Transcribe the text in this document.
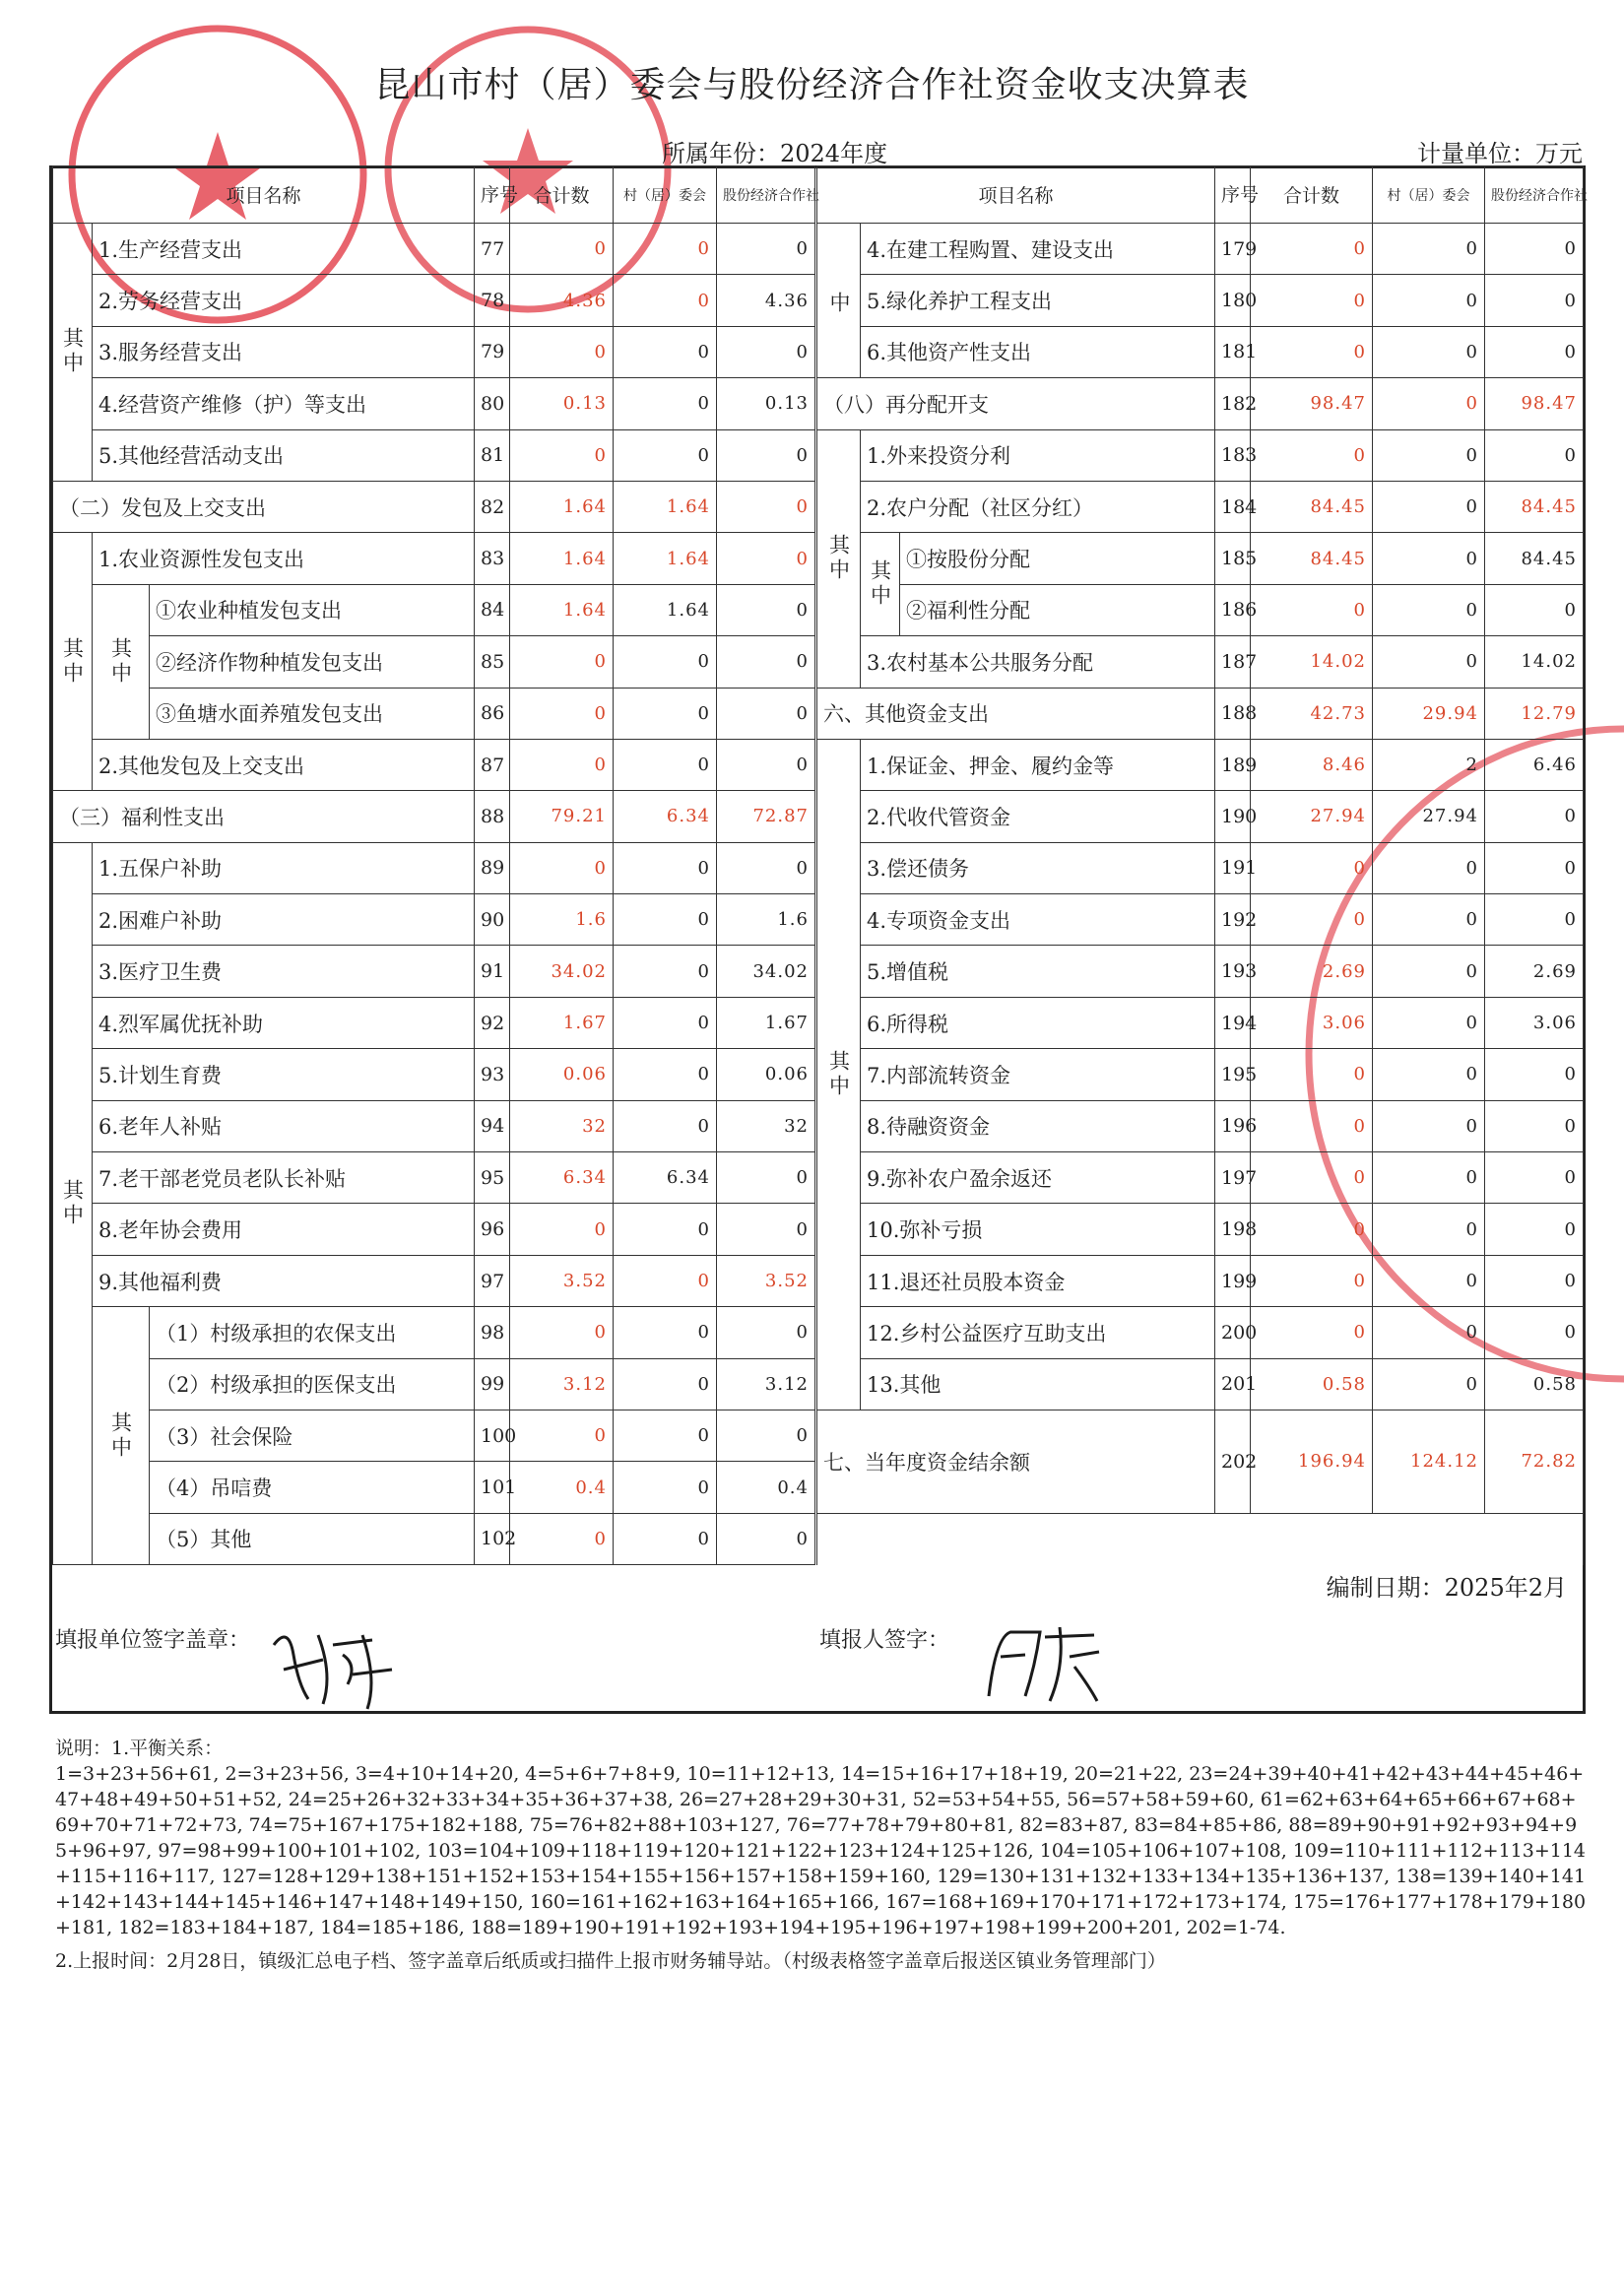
昆山市村（居）委会与股份经济合作社资金收支决算表
所属年份：2024年度	计量单位：万元
项目名称			序号	合计数	村（居）委会	股份经济合作社
其中	1.生产经营支出		77	0	0	0
	2.劳务经营支出		78	4.36	0	4.36
	3.服务经营支出		79	0	0	0
	4.经营资产维修（护）等支出		80	0.13	0	0.13
	5.其他经营活动支出		81	0	0	0
（二）发包及上交支出			82	1.64	1.64	0
其中	1.农业资源性发包支出		83	1.64	1.64	0
	其中	①农业种植发包支出	84	1.64	1.64	0
		②经济作物种植发包支出	85	0	0	0
		③鱼塘水面养殖发包支出	86	0	0	0
	2.其他发包及上交支出		87	0	0	0
（三）福利性支出			88	79.21	6.34	72.87
其中	1.五保户补助		89	0	0	0
	2.困难户补助		90	1.6	0	1.6
	3.医疗卫生费		91	34.02	0	34.02
	4.烈军属优抚补助		92	1.67	0	1.67
	5.计划生育费		93	0.06	0	0.06
	6.老年人补贴		94	32	0	32
	7.老干部老党员老队长补贴		95	6.34	6.34	0
	8.老年协会费用		96	0	0	0
	9.其他福利费		97	3.52	0	3.52
	其中	（1）村级承担的农保支出	98	0	0	0
		（2）村级承担的医保支出	99	3.12	0	3.12
		（3）社会保险	100	0	0	0
		（4）吊唁费	101	0.4	0	0.4
		（5）其他	102	0	0	0
项目名称			序号	合计数	村（居）委会	股份经济合作社
中	4.在建工程购置、建设支出		179	0	0	0
	5.绿化养护工程支出		180	0	0	0
	6.其他资产性支出		181	0	0	0
（八）再分配开支			182	98.47	0	98.47
其中	1.外来投资分利		183	0	0	0
	2.农户分配（社区分红）		184	84.45	0	84.45
	其中	①按股份分配	185	84.45	0	84.45
		②福利性分配	186	0	0	0
	3.农村基本公共服务分配		187	14.02	0	14.02
六、其他资金支出			188	42.73	29.94	12.79
其中	1.保证金、押金、履约金等		189	8.46	2	6.46
	2.代收代管资金		190	27.94	27.94	0
	3.偿还债务		191	0	0	0
	4.专项资金支出		192	0	0	0
	5.增值税		193	2.69	0	2.69
	6.所得税		194	3.06	0	3.06
	7.内部流转资金		195	0	0	0
	8.待融资资金		196	0	0	0
	9.弥补农户盈余返还		197	0	0	0
	10.弥补亏损		198	0	0	0
	11.退还社员股本资金		199	0	0	0
	12.乡村公益医疗互助支出		200	0	0	0
	13.其他		201	0.58	0	0.58
七、当年度资金结余额			202	196.94	124.12	72.82

编制日期：2025年2月
填报单位签字盖章：	填报人签字：

说明：1.平衡关系：
1=3+23+56+61, 2=3+23+56, 3=4+10+14+20, 4=5+6+7+8+9, 10=11+12+13, 14=15+16+17+18+19, 20=21+22, 23=24+39+40+41+42+43+44+45+46+47+48+49+50+51+52, 24=25+26+32+33+34+35+36+37+38, 26=27+28+29+30+31, 52=53+54+55, 56=57+58+59+60, 61=62+63+64+65+66+67+68+69+70+71+72+73, 74=75+167+175+182+188, 75=76+82+88+103+127, 76=77+78+79+80+81, 82=83+87, 83=84+85+86, 88=89+90+91+92+93+94+95+96+97, 97=98+99+100+101+102, 103=104+109+118+119+120+121+122+123+124+125+126, 104=105+106+107+108, 109=110+111+112+113+114+115+116+117, 127=128+129+138+151+152+153+154+155+156+157+158+159+160, 129=130+131+132+133+134+135+136+137, 138=139+140+141+142+143+144+145+146+147+148+149+150, 160=161+162+163+164+165+166, 167=168+169+170+171+172+173+174, 175=176+177+178+179+180+181, 182=183+184+187, 184=185+186, 188=189+190+191+192+193+194+195+196+197+198+199+200+201, 202=1-74.

2.上报时间：2月28日，镇级汇总电子档、签字盖章后纸质或扫描件上报市财务辅导站。（村级表格签字盖章后报送区镇业务管理部门）
